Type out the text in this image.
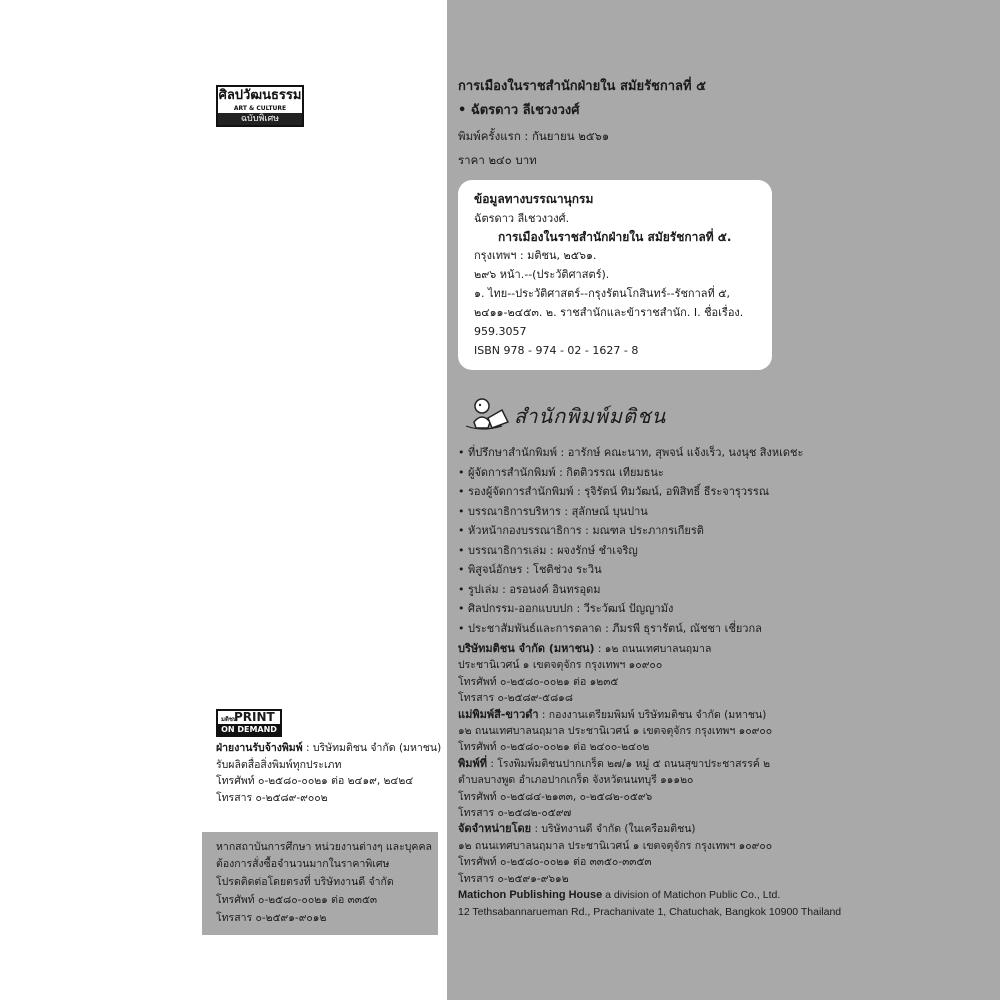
ศิลปวัฒนธรรม
ART & CULTURE
ฉบับพิเศษ

การเมืองในราชสำนักฝ่ายใน สมัยรัชกาลที่ ๕

• ฉัตรดาว ลีเชวงวงศ์

พิมพ์ครั้งแรก : กันยายน ๒๕๖๑

ราคา ๒๔๐ บาท

ข้อมูลทางบรรณานุกรม
ฉัตรดาว ลีเชวงวงศ์.
การเมืองในราชสำนักฝ่ายใน สมัยรัชกาลที่ ๕.
กรุงเทพฯ : มติชน, ๒๕๖๑.
๒๙๖ หน้า.--(ประวัติศาสตร์).
๑. ไทย--ประวัติศาสตร์--กรุงรัตนโกสินทร์--รัชกาลที่ ๕,
๒๔๑๑-๒๔๕๓. ๒. ราชสำนักและข้าราชสำนัก. I. ชื่อเรื่อง.
959.3057
ISBN 978 - 974 - 02 - 1627 - 8
สำนักพิมพ์มติชน
• ที่ปรึกษาสำนักพิมพ์ : อารักษ์ คณะนาท, สุพจน์ แจ้งเร็ว, นงนุช สิงหเดชะ
• ผู้จัดการสำนักพิมพ์ : กิตติวรรณ เทียมธนะ
• รองผู้จัดการสำนักพิมพ์ : รุจิรัตน์ ทิมวัฒน์, อพิสิทธิ์ ธีระจารุวรรณ
• บรรณาธิการบริหาร : สุลักษณ์ บุนปาน
• หัวหน้ากองบรรณาธิการ : มณฑล ประภากรเกียรติ
• บรรณาธิการเล่ม : ผจงรักษ์ ชำเจริญ
• พิสูจน์อักษร : โชติช่วง ระวิน
• รูปเล่ม : อรอนงค์ อินทรอุดม
• ศิลปกรรม-ออกแบบปก : วีระวัฒน์ ปัญญามัง
• ประชาสัมพันธ์และการตลาด : ภีมรพี ธุรารัตน์, ณัชชา เชี่ยวกล
บริษัทมติชน จำกัด (มหาชน) : ๑๒ ถนนเทศบาลนฤมาล
ประชานิเวศน์ ๑ เขตจตุจักร กรุงเทพฯ ๑๐๙๐๐
โทรศัพท์ ๐-๒๕๘๐-๐๐๒๑ ต่อ ๑๒๓๕
โทรสาร ๐-๒๕๘๙-๕๘๑๘
แม่พิมพ์สี-ขาวดำ : กองงานเตรียมพิมพ์ บริษัทมติชน จำกัด (มหาชน)
๑๒ ถนนเทศบาลนฤมาล ประชานิเวศน์ ๑ เขตจตุจักร กรุงเทพฯ ๑๐๙๐๐
โทรศัพท์ ๐-๒๕๘๐-๐๐๒๑ ต่อ ๒๔๐๐-๒๔๐๒
พิมพ์ที่ : โรงพิมพ์มติชนปากเกร็ด ๒๗/๑ หมู่ ๕ ถนนสุขาประชาสรรค์ ๒
ตำบลบางพูด อำเภอปากเกร็ด จังหวัดนนทบุรี ๑๑๑๒๐
โทรศัพท์ ๐-๒๕๘๔-๒๑๓๓, ๐-๒๕๘๒-๐๕๙๖
โทรสาร ๐-๒๕๘๒-๐๕๙๗
จัดจำหน่ายโดย : บริษัทงานดี จำกัด (ในเครือมติชน)
๑๒ ถนนเทศบาลนฤมาล ประชานิเวศน์ ๑ เขตจตุจักร กรุงเทพฯ ๑๐๙๐๐
โทรศัพท์ ๐-๒๕๘๐-๐๐๒๑ ต่อ ๓๓๕๐-๓๓๕๓
โทรสาร ๐-๒๕๙๑-๙๖๑๒
Matichon Publishing House a division of Matichon Public Co., Ltd.
12 Tethsabannarueman Rd., Prachanivate 1, Chatuchak, Bangkok 10900 Thailand
มติชน
PRINT
ON DEMAND
ฝ่ายงานรับจ้างพิมพ์ : บริษัทมติชน จำกัด (มหาชน)
รับผลิตสื่อสิ่งพิมพ์ทุกประเภท
โทรศัพท์ ๐-๒๕๘๐-๐๐๒๑ ต่อ ๒๔๑๙, ๒๔๒๔
โทรสาร ๐-๒๕๘๙-๙๐๐๒
หากสถาบันการศึกษา หน่วยงานต่างๆ และบุคคล
ต้องการสั่งซื้อจำนวนมากในราคาพิเศษ
โปรดติดต่อโดยตรงที่ บริษัทงานดี จำกัด
โทรศัพท์ ๐-๒๕๘๐-๐๐๒๑ ต่อ ๓๓๕๓
โทรสาร ๐-๒๕๙๑-๙๐๑๒
